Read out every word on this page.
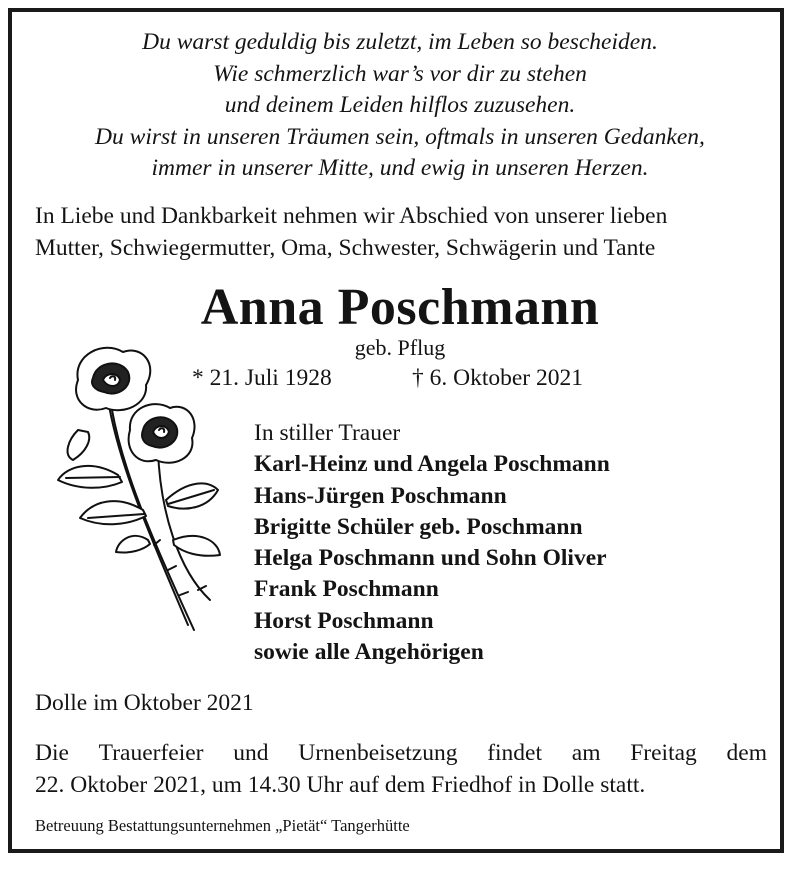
Du warst geduldig bis zuletzt, im Leben so bescheiden.
Wie schmerzlich war’s vor dir zu stehen
und deinem Leiden hilflos zuzusehen.
Du wirst in unseren Träumen sein, oftmals in unseren Gedanken,
immer in unserer Mitte, und ewig in unseren Herzen.
In Liebe und Dankbarkeit nehmen wir Abschied von unserer lieben
Mutter, Schwiegermutter, Oma, Schwester, Schwägerin und Tante
Anna Poschmann
geb. Pflug
* 21. Juli 1928	† 6. Oktober 2021
In stiller Trauer
Karl-Heinz und Angela Poschmann
Hans-Jürgen Poschmann
Brigitte Schüler geb. Poschmann
Helga Poschmann und Sohn Oliver
Frank Poschmann
Horst Poschmann
sowie alle Angehörigen
Dolle im Oktober 2021
Die Trauerfeier und Urnenbeisetzung findet am Freitag dem
22. Oktober 2021, um 14.30 Uhr auf dem Friedhof in Dolle statt.
Betreuung Bestattungsunternehmen „Pietät“ Tangerhütte
